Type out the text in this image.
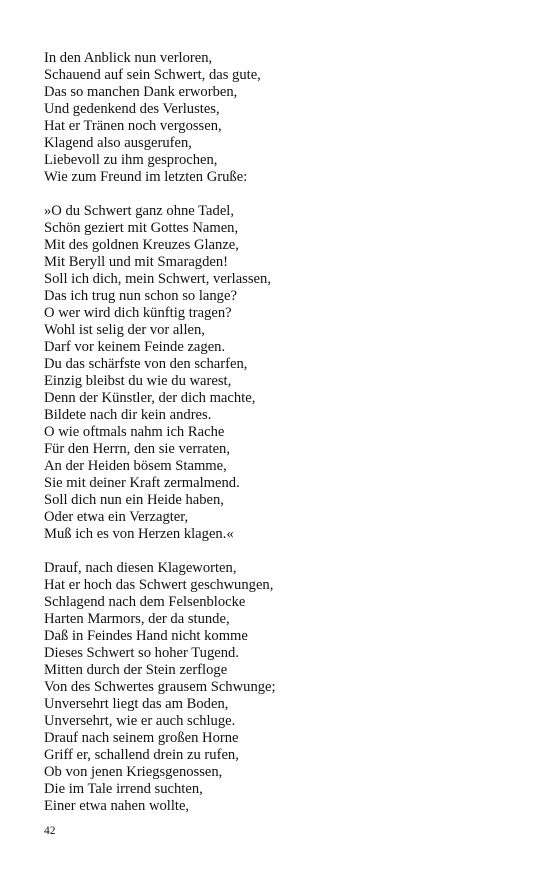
In den Anblick nun verloren,
Schauend auf sein Schwert, das gute,
Das so manchen Dank erworben,
Und gedenkend des Verlustes,
Hat er Tränen noch vergossen,
Klagend also ausgerufen,
Liebevoll zu ihm gesprochen,
Wie zum Freund im letzten Gruße:
»O du Schwert ganz ohne Tadel,
Schön geziert mit Gottes Namen,
Mit des goldnen Kreuzes Glanze,
Mit Beryll und mit Smaragden!
Soll ich dich, mein Schwert, verlassen,
Das ich trug nun schon so lange?
O wer wird dich künftig tragen?
Wohl ist selig der vor allen,
Darf vor keinem Feinde zagen.
Du das schärfste von den scharfen,
Einzig bleibst du wie du warest,
Denn der Künstler, der dich machte,
Bildete nach dir kein andres.
O wie oftmals nahm ich Rache
Für den Herrn, den sie verraten,
An der Heiden bösem Stamme,
Sie mit deiner Kraft zermalmend.
Soll dich nun ein Heide haben,
Oder etwa ein Verzagter,
Muß ich es von Herzen klagen.«
Drauf, nach diesen Klageworten,
Hat er hoch das Schwert geschwungen,
Schlagend nach dem Felsenblocke
Harten Marmors, der da stunde,
Daß in Feindes Hand nicht komme
Dieses Schwert so hoher Tugend.
Mitten durch der Stein zerfloge
Von des Schwertes grausem Schwunge;
Unversehrt liegt das am Boden,
Unversehrt, wie er auch schluge.
Drauf nach seinem großen Horne
Griff er, schallend drein zu rufen,
Ob von jenen Kriegsgenossen,
Die im Tale irrend suchten,
Einer etwa nahen wollte,
42
